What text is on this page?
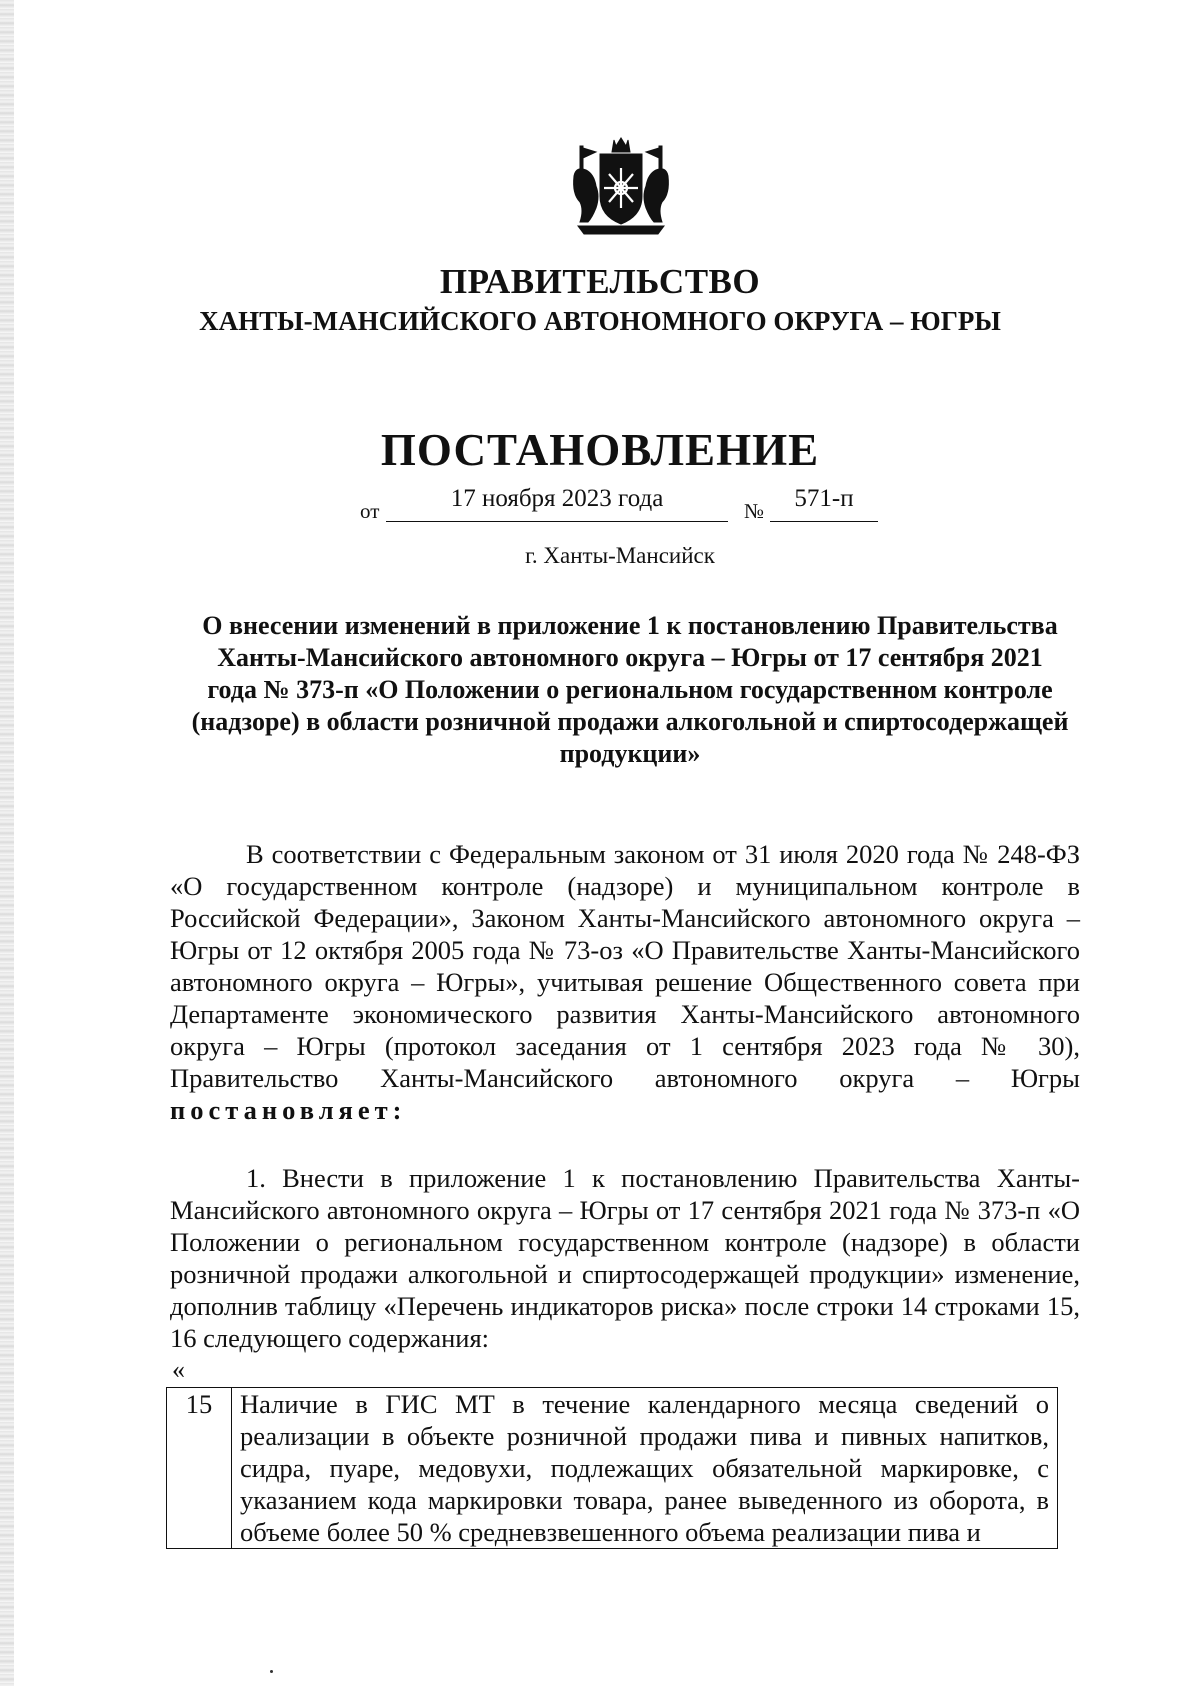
ПРАВИТЕЛЬСТВО
ХАНТЫ-МАНСИЙСКОГО АВТОНОМНОГО ОКРУГА – ЮГРЫ
ПОСТАНОВЛЕНИЕ
от	17 ноября 2023 года	№	571-п
г. Ханты-Мансийск
О внесении изменений в приложение 1 к постановлению Правительства Ханты-Мансийского автономного округа – Югры от 17 сентября 2021 года № 373-п «О Положении о региональном государственном контроле (надзоре) в области розничной продажи алкогольной и спиртосодержащей продукции»
В соответствии с Федеральным законом от 31 июля 2020 года № 248-ФЗ «О государственном контроле (надзоре) и муниципальном контроле в Российской Федерации», Законом Ханты-Мансийского автономного округа – Югры от 12 октября 2005 года № 73-оз «О Правительстве Ханты-Мансийского автономного округа – Югры», учитывая решение Общественного совета при Департаменте экономического развития Ханты-Мансийского автономного округа – Югры (протокол заседания от 1 сентября 2023 года № 30), Правительство Ханты-Мансийского автономного округа – Югры постановляет:
1. Внести в приложение 1 к постановлению Правительства Ханты-Мансийского автономного округа – Югры от 17 сентября 2021 года № 373-п «О Положении о региональном государственном контроле (надзоре) в области розничной продажи алкогольной и спиртосодержащей продукции» изменение, дополнив таблицу «Перечень индикаторов риска» после строки 14 строками 15, 16 следующего содержания:
«
15	Наличие в ГИС МТ в течение календарного месяца сведений о реализации в объекте розничной продажи пива и пивных напитков, сидра, пуаре, медовухи, подлежащих обязательной маркировке, с указанием кода маркировки товара, ранее выведенного из оборота, в объеме более 50 % средневзвешенного объема реализации пива и
